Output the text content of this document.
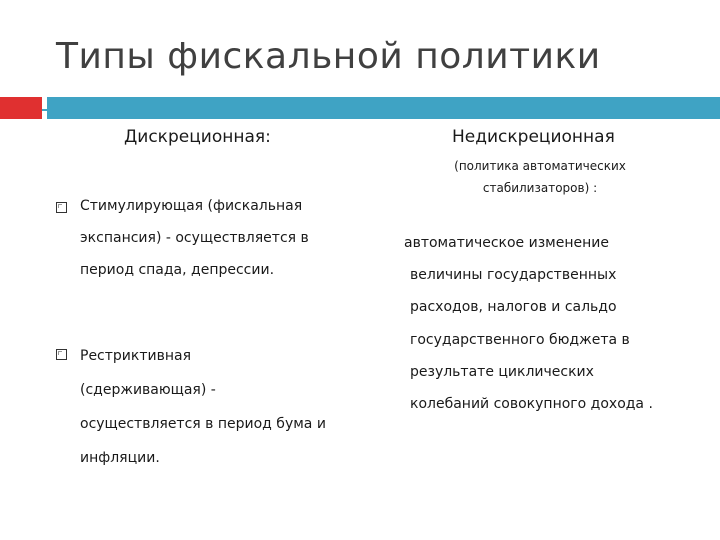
Типы фискальной политики
Дискреционная:
Стимулирующая (фискальная
экспансия) - осуществляется в
период спада, депрессии.
Рестриктивная
(сдерживающая) -
осуществляется в период бума и
инфляции.
Недискреционная
(политика автоматических
стабилизаторов) :
автоматическое изменение
величины государственных
расходов, налогов и сальдо
государственного бюджета в
результате циклических
колебаний совокупного дохода .
